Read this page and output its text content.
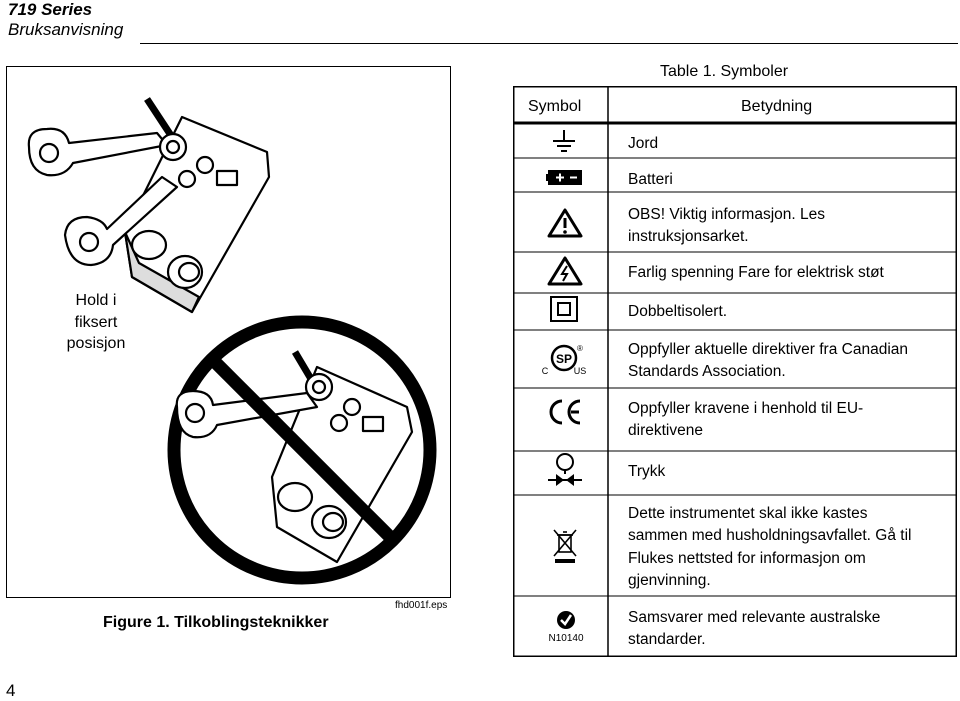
719 Series
Bruksanvisning
Hold i
fiksert
posisjon
fhd001f.eps
Figure 1. Tilkoblingsteknikker
Table 1. Symboler
Symbol	Betydning
SP
C	US
®
N10140
Jord
Batteri
OBS! Viktig informasjon. Les
instruksjonsarket.
Farlig spenning Fare for elektrisk støt
Dobbeltisolert.
Oppfyller aktuelle direktiver fra Canadian
Standards Association.
Oppfyller kravene i henhold til EU-
direktivene
Trykk
Dette instrumentet skal ikke kastes
sammen med husholdningsavfallet. Gå til
Flukes nettsted for informasjon om
gjenvinning.
Samsvarer med relevante australske
standarder.
4
